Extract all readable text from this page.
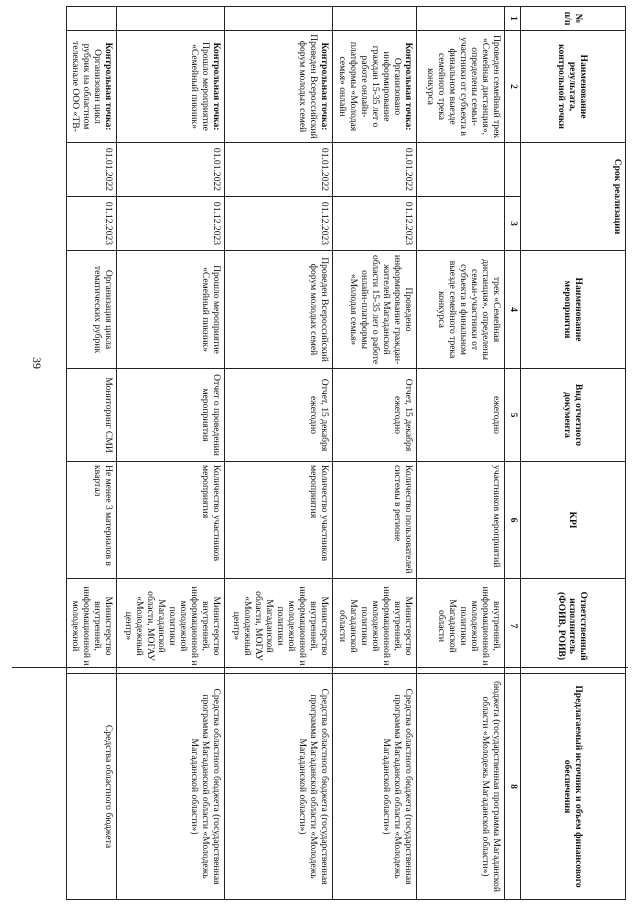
39
№ п/п	Наименование результата, контрольной точки	Срок реализации		Наименование мероприятия	Вид отчетного документа	KPI	Ответственный исполнитель (ФОИВ, РОИВ)	Предлагаемый источник и объем финансового обеспечения
1	2		3	4	5	6	7	8
	Проведен семейный трек «Семейная дистанция», определены семьи-участники от субъекта в финальном выезде семейного трека конкурса			трек «Семейная дистанция», определены семьи-участники от субъекта в финальном выезде семейного трека конкурса	ежегодно	участников мероприятий	внутренней, информационной и молодежной политики Магаданской области	бюджета (государственная программа Магаданской области «Молодежь Магаданской области»)
	Контрольная точка: Организовано информирование граждан 15-35 лет о работе онлайн-платформы «Молодая семья» онлайн	01.01.2022	01.12.2023	Проведено информирование граждан-жителей Магаданской области 15-35 лет о работе онлайн-платформы «Молодая семья»	Отчет, 15 декабря ежегодно	Количество пользователей системы в регионе	Министерство внутренней, информационной и молодежной политики Магаданской области	Средства областного бюджета (государственная программа Магаданской области «Молодежь Магаданской области»)
	Контрольная точка: Проведен Всероссийский форум молодых семей	01.01.2022	01.12.2023	Проведен Всероссийский форум молодых семей	Отчет, 15 декабря ежегодно	Количество участников мероприятия	Министерство внутренней, информационной и молодежной политики Магаданской области, МОГАУ «Молодежный центр»	Средства областного бюджета (государственная программа Магаданской области «Молодежь Магаданской области»)
	Контрольная точка: Прошло мероприятие «Семейный пикник»	01.01.2022	01.12.2023	Прошло мероприятие «Семейный пикник»	Отчет о проведении мероприятия	Количество участников мероприятия	Министерство внутренней, информационной и молодежной политики Магаданской области, МОГАУ «Молодежный центр»	Средства областного бюджета (государственная программа Магаданской области «Молодежь Магаданской области»)
	Контрольная точка: Организован цикл рубрик на областном телеканале ООО «ТВ-	01.01.2022	01.12.2023	Организация цикла тематических рубрик	Мониторинг СМИ	Не менее 3 материалов в квартал	Министерство внутренней, информационной и молодежной	Средства областного бюджета
